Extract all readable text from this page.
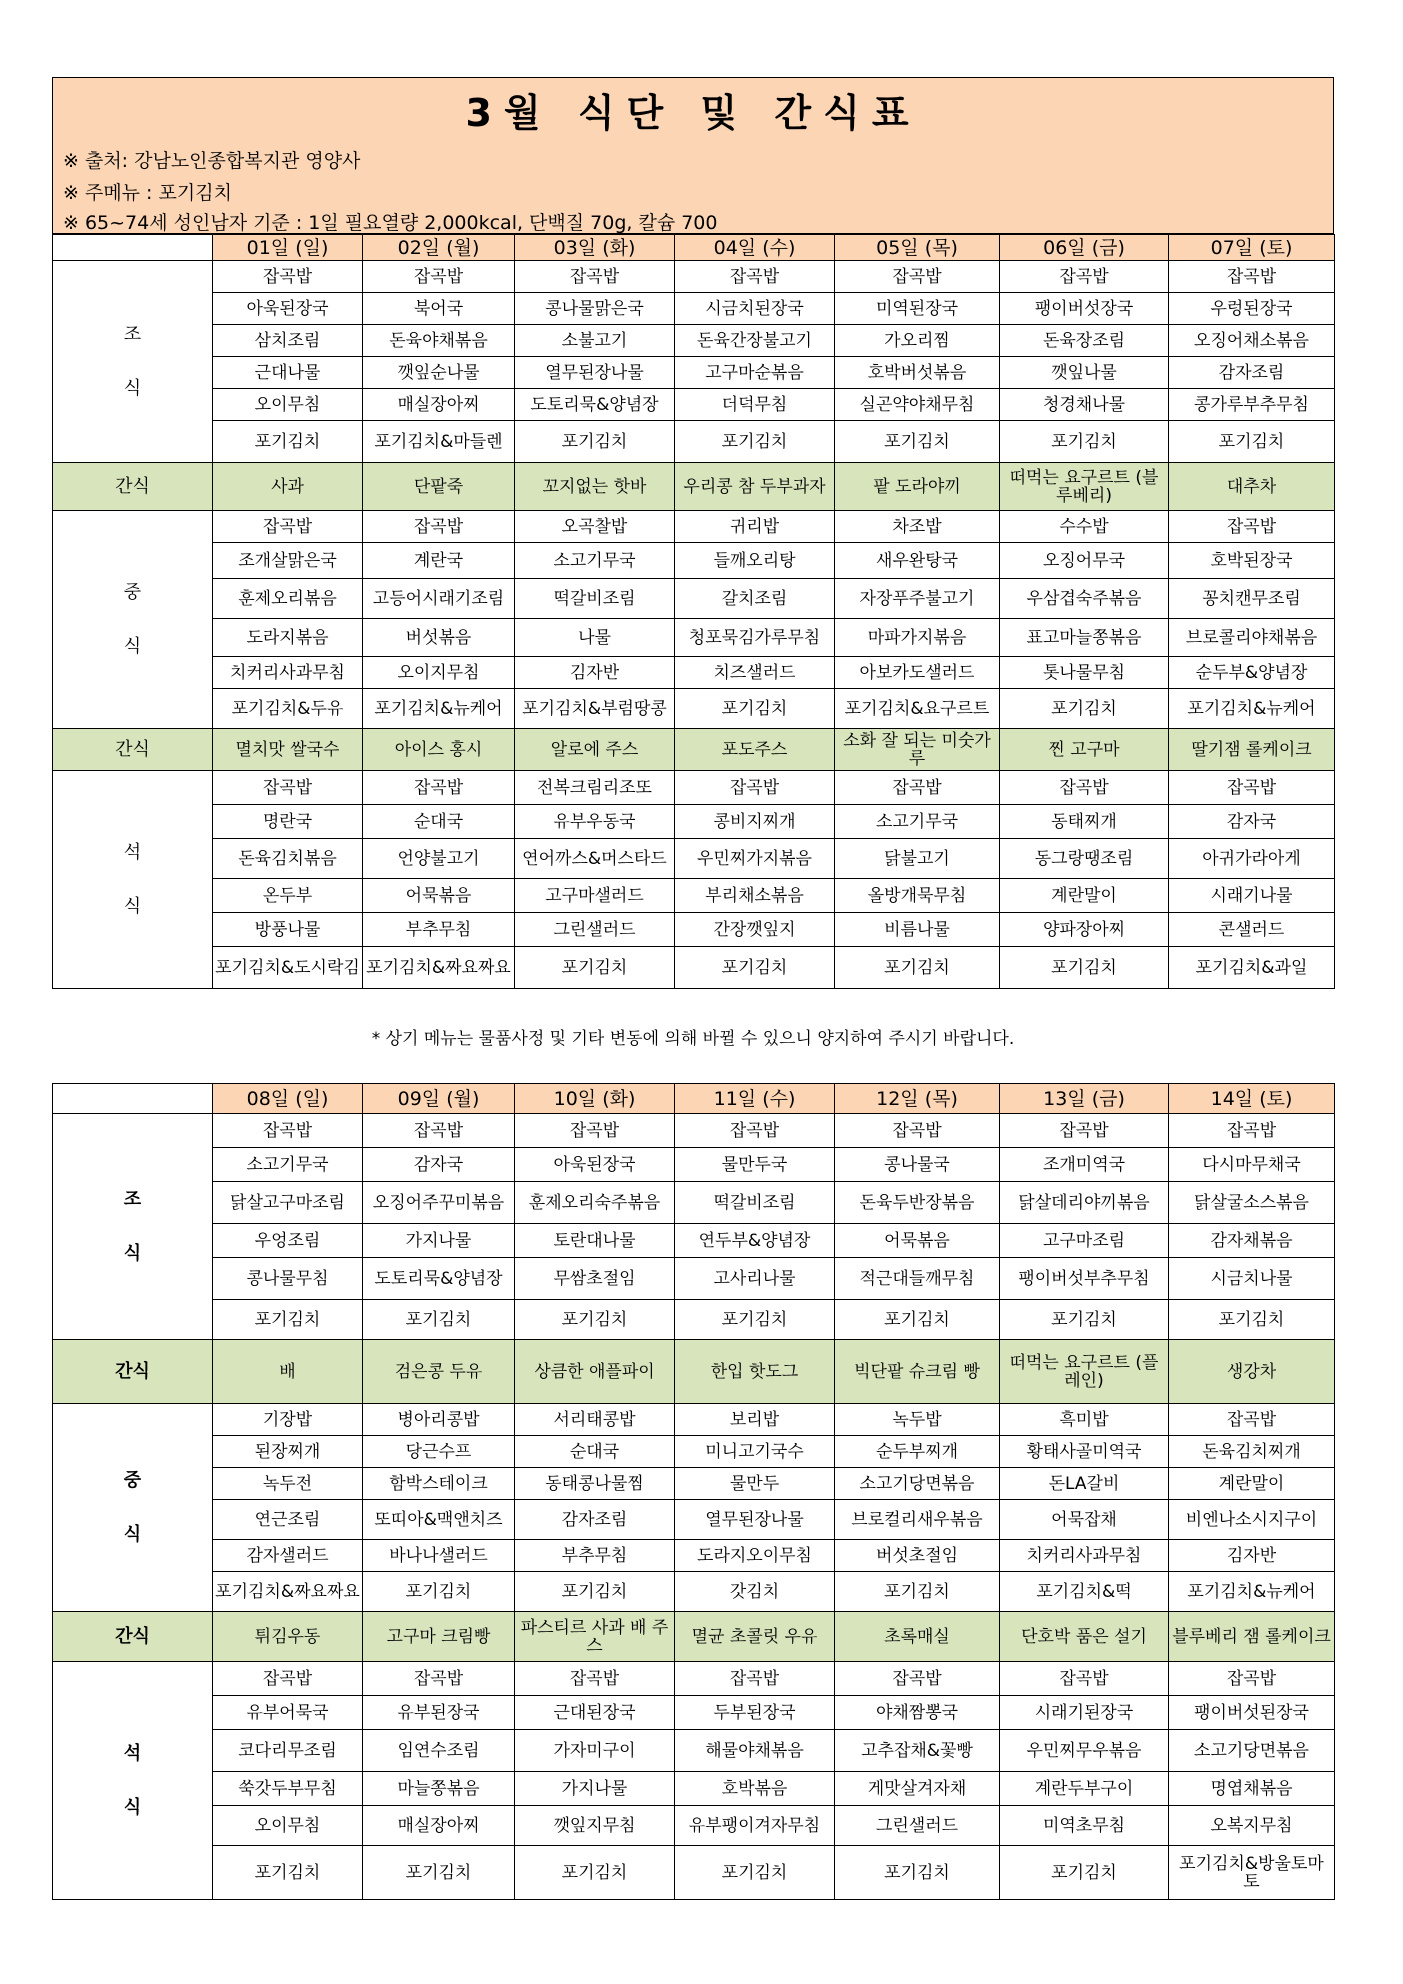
3월 식단 및 간식표
※ 출처: 강남노인종합복지관 영양사
※ 주메뉴 : 포기김치
※ 65~74세 성인남자 기준 : 1일 필요열량 2,000kcal, 단백질 70g, 칼슘 700
	01일 (일)	02일 (월)	03일 (화)	04일 (수)	05일 (목)	06일 (금)	07일 (토)

조
식	잡곡밥	잡곡밥	잡곡밥	잡곡밥	잡곡밥	잡곡밥	잡곡밥
	아욱된장국	북어국	콩나물맑은국	시금치된장국	미역된장국	팽이버섯장국	우렁된장국
	삼치조림	돈육야채볶음	소불고기	돈육간장불고기	가오리찜	돈육장조림	오징어채소볶음
	근대나물	깻잎순나물	열무된장나물	고구마순볶음	호박버섯볶음	깻잎나물	감자조림
	오이무침	매실장아찌	도토리묵&양념장	더덕무침	실곤약야채무침	청경채나물	콩가루부추무침
	포기김치	포기김치&마들렌	포기김치	포기김치	포기김치	포기김치	포기김치
간식	사과	단팥죽	꼬지없는 핫바	우리콩 참 두부과자	팥 도라야끼	떠먹는 요구르트 (블루베리)	대추차

중
식	잡곡밥	잡곡밥	오곡찰밥	귀리밥	차조밥	수수밥	잡곡밥
	조개살맑은국	계란국	소고기무국	들깨오리탕	새우완탕국	오징어무국	호박된장국
	훈제오리볶음	고등어시래기조림	떡갈비조림	갈치조림	자장푸주불고기	우삼겹숙주볶음	꽁치캔무조림
	도라지볶음	버섯볶음	나물	청포묵김가루무침	마파가지볶음	표고마늘쫑볶음	브로콜리야채볶음
	치커리사과무침	오이지무침	김자반	치즈샐러드	아보카도샐러드	톳나물무침	순두부&양념장
	포기김치&두유	포기김치&뉴케어	포기김치&부럼땅콩	포기김치	포기김치&요구르트	포기김치	포기김치&뉴케어
간식	멸치맛 쌀국수	아이스 홍시	알로에 주스	포도주스	소화 잘 되는 미숫가루	찐 고구마	딸기잼 롤케이크

석
식	잡곡밥	잡곡밥	전복크림리조또	잡곡밥	잡곡밥	잡곡밥	잡곡밥
	명란국	순대국	유부우동국	콩비지찌개	소고기무국	동태찌개	감자국
	돈육김치볶음	언양불고기	연어까스&머스타드	우민찌가지볶음	닭불고기	동그랑땡조림	아귀가라아게
	온두부	어묵볶음	고구마샐러드	부리채소볶음	올방개묵무침	계란말이	시래기나물
	방풍나물	부추무침	그린샐러드	간장깻잎지	비름나물	양파장아찌	콘샐러드
	포기김치&도시락김	포기김치&짜요짜요	포기김치	포기김치	포기김치	포기김치	포기김치&과일
* 상기 메뉴는 물품사정 및 기타 변동에 의해 바뀔 수 있으니 양지하여 주시기 바랍니다.
	08일 (일)	09일 (월)	10일 (화)	11일 (수)	12일 (목)	13일 (금)	14일 (토)

조
식	잡곡밥	잡곡밥	잡곡밥	잡곡밥	잡곡밥	잡곡밥	잡곡밥
	소고기무국	감자국	아욱된장국	물만두국	콩나물국	조개미역국	다시마무채국
	닭살고구마조림	오징어주꾸미볶음	훈제오리숙주볶음	떡갈비조림	돈육두반장볶음	닭살데리야끼볶음	닭살굴소스볶음
	우엉조림	가지나물	토란대나물	연두부&양념장	어묵볶음	고구마조림	감자채볶음
	콩나물무침	도토리묵&양념장	무쌈초절임	고사리나물	적근대들깨무침	팽이버섯부추무침	시금치나물
	포기김치	포기김치	포기김치	포기김치	포기김치	포기김치	포기김치
간식	배	검은콩 두유	상큼한 애플파이	한입 핫도그	빅단팥 슈크림 빵	떠먹는 요구르트 (플레인)	생강차

중
식	기장밥	병아리콩밥	서리태콩밥	보리밥	녹두밥	흑미밥	잡곡밥
	된장찌개	당근수프	순대국	미니고기국수	순두부찌개	황태사골미역국	돈육김치찌개
	녹두전	함박스테이크	동태콩나물찜	물만두	소고기당면볶음	돈LA갈비	계란말이
	연근조림	또띠아&맥앤치즈	감자조림	열무된장나물	브로컬리새우볶음	어묵잡채	비엔나소시지구이
	감자샐러드	바나나샐러드	부추무침	도라지오이무침	버섯초절임	치커리사과무침	김자반
	포기김치&짜요짜요	포기김치	포기김치	갓김치	포기김치	포기김치&떡	포기김치&뉴케어
간식	튀김우동	고구마 크림빵	파스티르 사과 배 주스	멸균 초콜릿 우유	초록매실	단호박 품은 설기	블루베리 잼 롤케이크

석
식	잡곡밥	잡곡밥	잡곡밥	잡곡밥	잡곡밥	잡곡밥	잡곡밥
	유부어묵국	유부된장국	근대된장국	두부된장국	야채짬뽕국	시래기된장국	팽이버섯된장국
	코다리무조림	임연수조림	가자미구이	해물야채볶음	고추잡채&꽃빵	우민찌무우볶음	소고기당면볶음
	쑥갓두부무침	마늘쫑볶음	가지나물	호박볶음	게맛살겨자채	계란두부구이	명엽채볶음
	오이무침	매실장아찌	깻잎지무침	유부팽이겨자무침	그린샐러드	미역초무침	오복지무침
	포기김치	포기김치	포기김치	포기김치	포기김치	포기김치	포기김치&방울토마토
